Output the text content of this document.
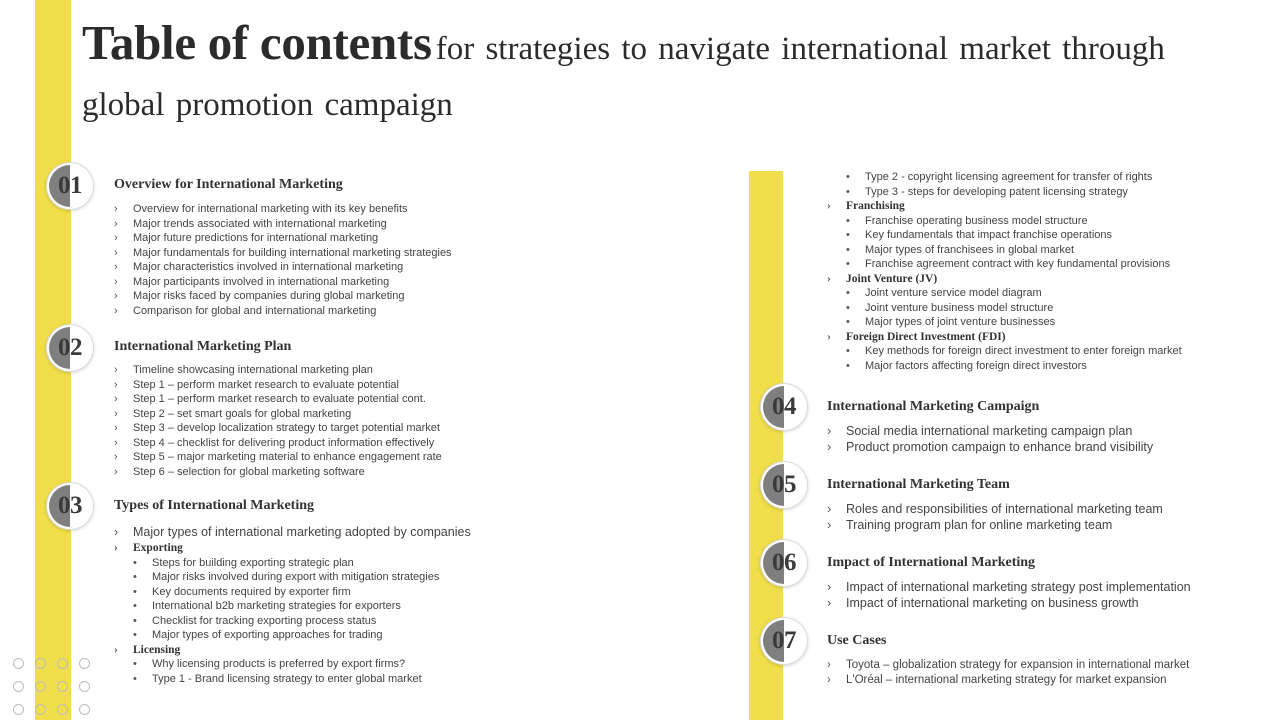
Table of contents for strategies to navigate international market through global promotion campaign
01	Overview for International Marketing
›	Overview for international marketing with its key benefits
›	Major trends associated with international marketing
›	Major future predictions for international marketing
›	Major fundamentals for building international marketing strategies
›	Major characteristics involved in international marketing
›	Major participants involved in international marketing
›	Major risks faced by companies during global marketing
›	Comparison for global and international marketing
02	International Marketing Plan
›	Timeline showcasing international marketing plan
›	Step 1 – perform market research to evaluate potential
›	Step 1 – perform market research to evaluate potential cont.
›	Step 2 – set smart goals for global marketing
›	Step 3 – develop localization strategy to target potential market
›	Step 4 – checklist for delivering product information effectively
›	Step 5 – major marketing material to enhance engagement rate
›	Step 6 – selection for global marketing software
03	Types of International Marketing
›	Major types of international marketing adopted by companies
›	Exporting
•	Steps for building exporting strategic plan
•	Major risks involved during export with mitigation strategies
•	Key documents required by exporter firm
•	International b2b marketing strategies for exporters
•	Checklist for tracking exporting process status
•	Major types of exporting approaches for trading
›	Licensing
•	Why licensing products is preferred by export firms?
•	Type 1 - Brand licensing strategy to enter global market
•	Type 2 - copyright licensing agreement for transfer of rights
•	Type 3 - steps for developing patent licensing strategy
›	Franchising
•	Franchise operating business model structure
•	Key fundamentals that impact franchise operations
•	Major types of franchisees in global market
•	Franchise agreement contract with key fundamental provisions
›	Joint Venture (JV)
•	Joint venture service model diagram
•	Joint venture business model structure
•	Major types of joint venture businesses
›	Foreign Direct Investment (FDI)
•	Key methods for foreign direct investment to enter foreign market
•	Major factors affecting foreign direct investors
04	International Marketing Campaign
›	Social media international marketing campaign plan
›	Product promotion campaign to enhance brand visibility
05	International Marketing Team
›	Roles and responsibilities of international marketing team
›	Training program plan for online marketing team
06	Impact of International Marketing
›	Impact of international marketing strategy post implementation
›	Impact of international marketing on business growth
07	Use Cases
›	Toyota – globalization strategy for expansion in international market
›	L'Oréal – international marketing strategy for market expansion
